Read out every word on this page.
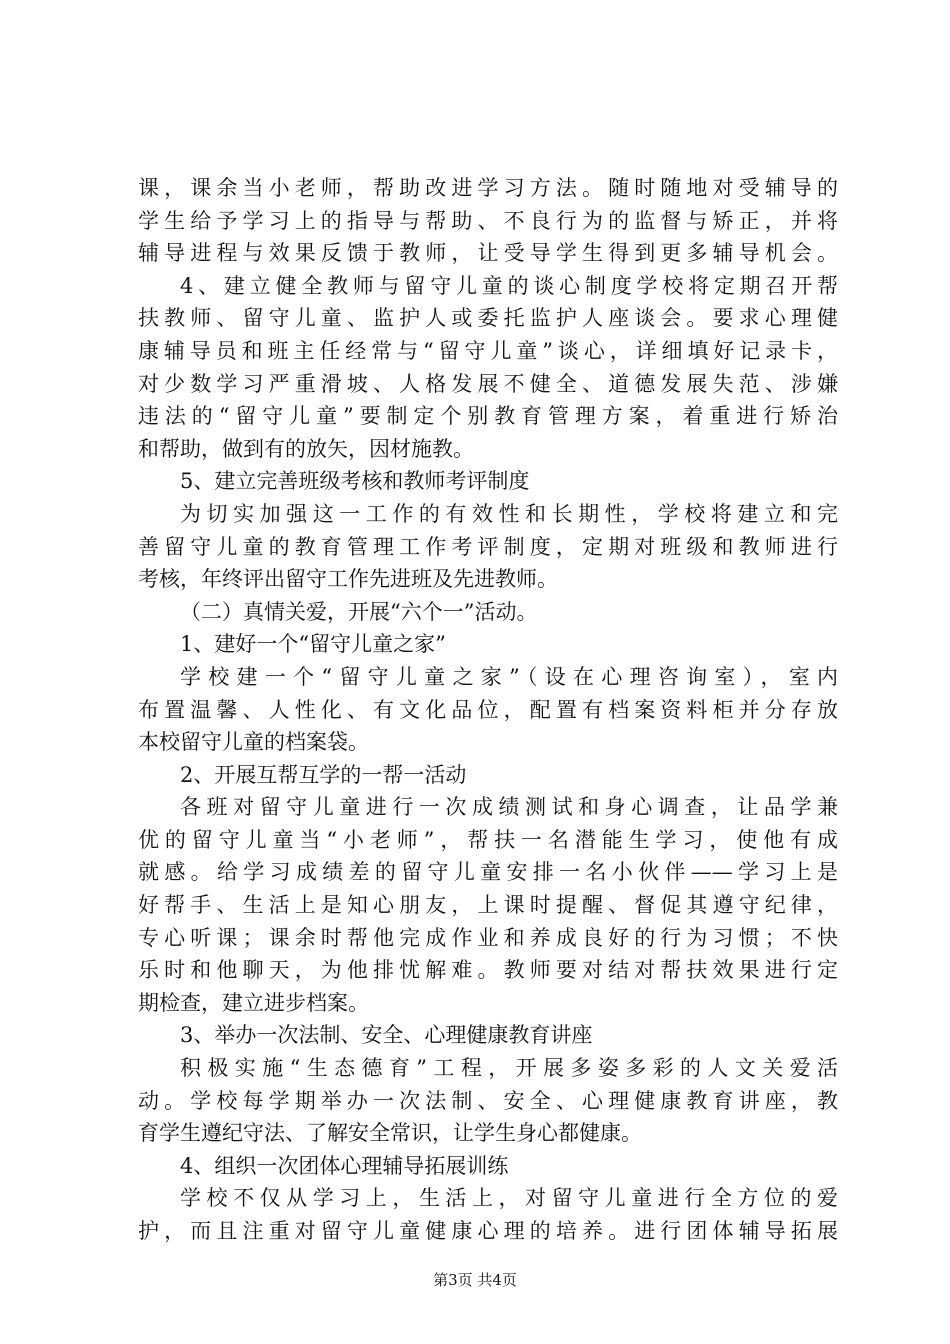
课，课余当小老师，帮助改进学习方法。随时随地对受辅导的
学生给予学习上的指导与帮助、不良行为的监督与矫正，并将
辅导进程与效果反馈于教师，让受导学生得到更多辅导机会。
4、建立健全教师与留守儿童的谈心制度学校将定期召开帮
扶教师、留守儿童、监护人或委托监护人座谈会。要求心理健
康辅导员和班主任经常与“留守儿童”谈心，详细填好记录卡，
对少数学习严重滑坡、人格发展不健全、道德发展失范、涉嫌
违法的“留守儿童”要制定个别教育管理方案，着重进行矫治
和帮助，做到有的放矢，因材施教。
5、建立完善班级考核和教师考评制度
为切实加强这一工作的有效性和长期性，学校将建立和完
善留守儿童的教育管理工作考评制度，定期对班级和教师进行
考核，年终评出留守工作先进班及先进教师。
（二）真情关爱，开展“六个一”活动。
1、建好一个“留守儿童之家”
学校建一个“留守儿童之家”（设在心理咨询室），室内
布置温馨、人性化、有文化品位，配置有档案资料柜并分存放
本校留守儿童的档案袋。
2、开展互帮互学的一帮一活动
各班对留守儿童进行一次成绩测试和身心调查，让品学兼
优的留守儿童当“小老师”，帮扶一名潜能生学习，使他有成
就感。给学习成绩差的留守儿童安排一名小伙伴——学习上是
好帮手、生活上是知心朋友，上课时提醒、督促其遵守纪律，
专心听课；课余时帮他完成作业和养成良好的行为习惯；不快
乐时和他聊天，为他排忧解难。教师要对结对帮扶效果进行定
期检查，建立进步档案。
3、举办一次法制、安全、心理健康教育讲座
积极实施“生态德育”工程，开展多姿多彩的人文关爱活
动。学校每学期举办一次法制、安全、心理健康教育讲座，教
育学生遵纪守法、了解安全常识，让学生身心都健康。
4、组织一次团体心理辅导拓展训练
学校不仅从学习上，生活上，对留守儿童进行全方位的爱
护，而且注重对留守儿童健康心理的培养。进行团体辅导拓展
第3页 共4页
